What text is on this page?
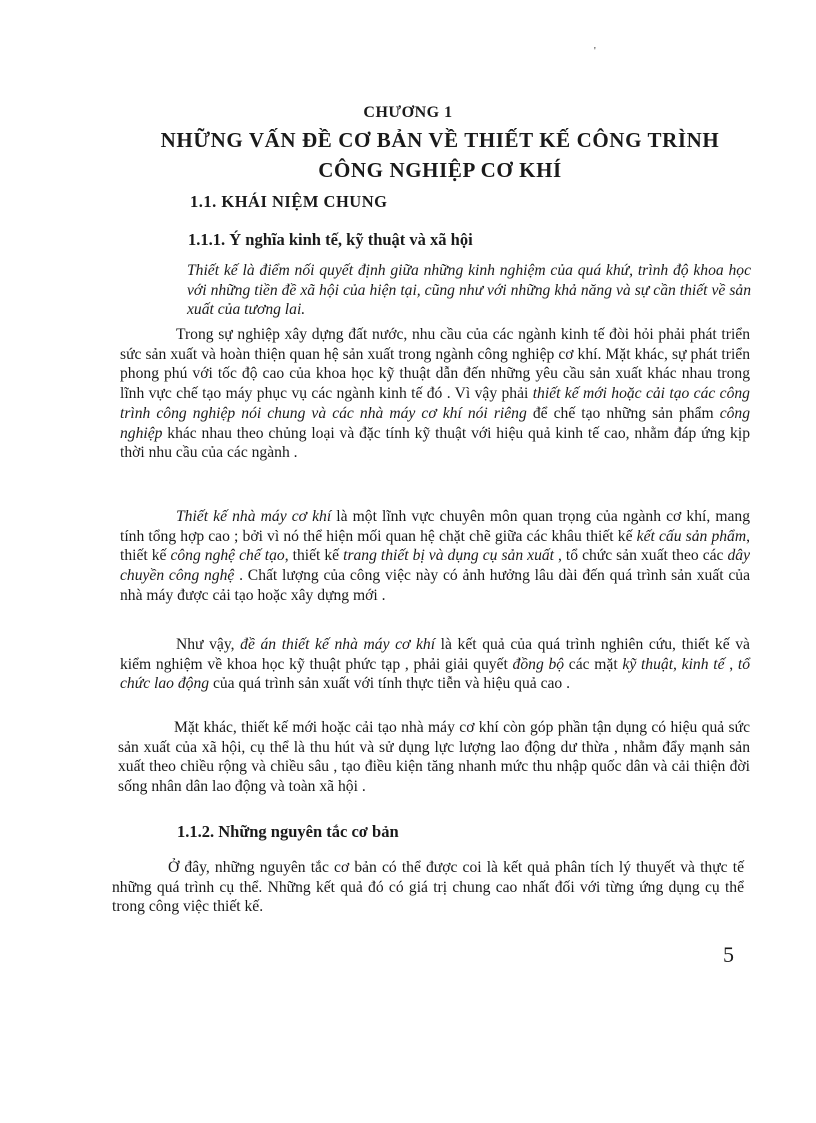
'
CHƯƠNG 1
NHỮNG VẤN ĐỀ CƠ BẢN VỀ THIẾT KẾ CÔNG TRÌNH
CÔNG NGHIỆP CƠ KHÍ
1.1. KHÁI NIỆM CHUNG
1.1.1. Ý nghĩa kinh tế, kỹ thuật và xã hội
Thiết kế là điểm nối quyết định giữa những kinh nghiệm của quá khứ, trình độ khoa học với những tiền đề xã hội của hiện tại, cũng như với những khả năng và sự cần thiết về sản xuất của tương lai.
Trong sự nghiệp xây dựng đất nước, nhu cầu của các ngành kinh tế đòi hỏi phải phát triển sức sản xuất và hoàn thiện quan hệ sản xuất trong ngành công nghiệp cơ khí. Mặt khác, sự phát triển phong phú với tốc độ cao của khoa học kỹ thuật dẫn đến những yêu cầu sản xuất khác nhau trong lĩnh vực chế tạo máy phục vụ các ngành kinh tế đó . Vì vậy phải thiết kế mới hoặc cải tạo các công trình công nghiệp nói chung và các nhà máy cơ khí nói riêng để chế tạo những sản phẩm công nghiệp khác nhau theo chủng loại và đặc tính kỹ thuật với hiệu quả kinh tế cao, nhằm đáp ứng kịp thời nhu cầu của các ngành .
Thiết kế nhà máy cơ khí là một lĩnh vực chuyên môn quan trọng của ngành cơ khí, mang tính tổng hợp cao ; bởi vì nó thể hiện mối quan hệ chặt chẽ giữa các khâu thiết kế kết cấu sản phẩm, thiết kế công nghệ chế tạo, thiết kế trang thiết bị và dụng cụ sản xuất , tổ chức sản xuất theo các dây chuyền công nghệ . Chất lượng của công việc này có ảnh hưởng lâu dài đến quá trình sản xuất của nhà máy được cải tạo hoặc xây dựng mới .
Như vậy, đề án thiết kế nhà máy cơ khí là kết quả của quá trình nghiên cứu, thiết kế và kiểm nghiệm về khoa học kỹ thuật phức tạp , phải giải quyết đồng bộ các mặt kỹ thuật, kinh tế , tổ chức lao động của quá trình sản xuất với tính thực tiễn và hiệu quả cao .
Mặt khác, thiết kế mới hoặc cải tạo nhà máy cơ khí còn góp phần tận dụng có hiệu quả sức sản xuất của xã hội, cụ thể là thu hút và sử dụng lực lượng lao động dư thừa , nhằm đẩy mạnh sản xuất theo chiều rộng và chiều sâu , tạo điều kiện tăng nhanh mức thu nhập quốc dân và cải thiện đời sống nhân dân lao động và toàn xã hội .
1.1.2. Những nguyên tắc cơ bản
Ở đây, những nguyên tắc cơ bản có thể được coi là kết quả phân tích lý thuyết và thực tế những quá trình cụ thể. Những kết quả đó có giá trị chung cao nhất đối với từng ứng dụng cụ thể trong công việc thiết kế.
5
